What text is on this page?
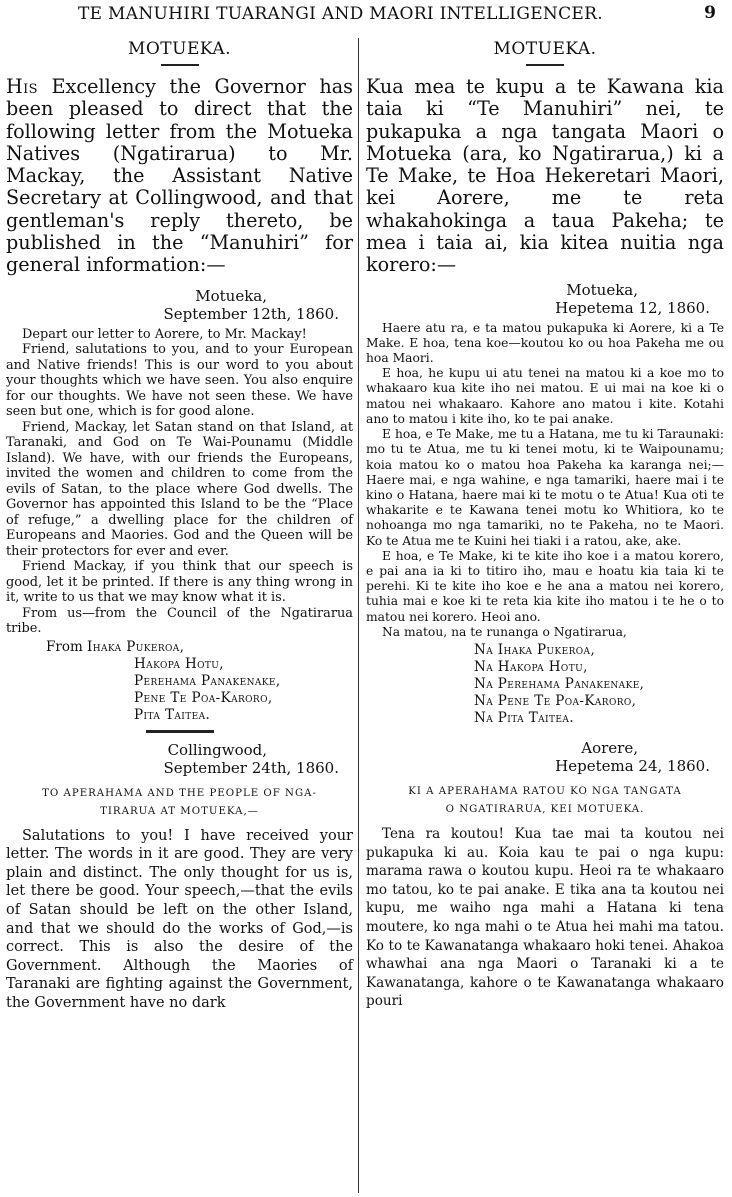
TE MANUHIRI TUARANGI AND MAORI INTELLIGENCER.	9

MOTUEKA.

His Excellency the Governor has been pleased to direct that the following letter from the Motueka Natives (Ngatirarua) to Mr. Mackay, the Assistant Native Secretary at Collingwood, and that gentleman's reply thereto, be published in the “Manuhiri” for general information:—

Motueka,
September 12th, 1860.

Depart our letter to Aorere, to Mr. Mackay!

Friend, salutations to you, and to your European and Native friends! This is our word to you about your thoughts which we have seen. You also enquire for our thoughts. We have not seen these. We have seen but one, which is for good alone.

Friend, Mackay, let Satan stand on that Island, at Taranaki, and God on Te Wai-Pounamu (Middle Island). We have, with our friends the Europeans, invited the women and children to come from the evils of Satan, to the place where God dwells. The Governor has appointed this Island to be the “Place of refuge,” a dwelling place for the children of Europeans and Maories. God and the Queen will be their protectors for ever and ever.

Friend Mackay, if you think that our speech is good, let it be printed. If there is any thing wrong in it, write to us that we may know what it is.

From us—from the Council of the Ngatirarua tribe.

From Ihaka Pukeroa,
Hakopa Hotu,
Perehama Panakenake,
Pene Te Poa-Karoro,
Pita Taitea.
Collingwood,
September 24th, 1860.

TO APERAHAMA AND THE PEOPLE OF NGA-

TIRARUA AT MOTUEKA,—

Salutations to you! I have received your letter. The words in it are good. They are very plain and distinct. The only thought for us is, let there be good. Your speech,—that the evils of Satan should be left on the other Island, and that we should do the works of God,—is correct. This is also the desire of the Government. Although the Maories of Taranaki are fighting against the Government, the Government have no dark

MOTUEKA.

Kua mea te kupu a te Kawana kia taia ki “Te Manuhiri” nei, te pukapuka a nga tangata Maori o Motueka (ara, ko Ngatirarua,) ki a Te Make, te Hoa Hekeretari Maori, kei Aorere, me te reta whakahokinga a taua Pakeha; te mea i taia ai, kia kitea nuitia nga korero:—

Motueka,
Hepetema 12, 1860.

Haere atu ra, e ta matou pukapuka ki Aorere, ki a Te Make. E hoa, tena koe—koutou ko ou hoa Pakeha me ou hoa Maori.

E hoa, he kupu ui atu tenei na matou ki a koe mo to whakaaro kua kite iho nei matou. E ui mai na koe ki o matou nei whakaaro. Kahore ano matou i kite. Kotahi ano to matou i kite iho, ko te pai anake.

E hoa, e Te Make, me tu a Hatana, me tu ki Taraunaki: mo tu te Atua, me tu ki tenei motu, ki te Waipounamu; koia matou ko o matou hoa Pakeha ka karanga nei;—Haere mai, e nga wahine, e nga tamariki, haere mai i te kino o Hatana, haere mai ki te motu o te Atua! Kua oti te whakarite e te Kawana tenei motu ko Whitiora, ko te nohoanga mo nga tamariki, no te Pakeha, no te Maori. Ko te Atua me te Kuini hei tiaki i a ratou, ake, ake.

E hoa, e Te Make, ki te kite iho koe i a matou korero, e pai ana ia ki to titiro iho, mau e hoatu kia taia ki te perehi. Ki te kite iho koe e he ana a matou nei korero, tuhia mai e koe ki te reta kia kite iho matou i te he o to matou nei korero. Heoi ano.

Na matou, na te runanga o Ngatirarua,

Na Ihaka Pukeroa,
Na Hakopa Hotu,
Na Perehama Panakenake,
Na Pene Te Poa-Karoro,
Na Pita Taitea.
Aorere,
Hepetema 24, 1860.

KI A APERAHAMA RATOU KO NGA TANGATA

O NGATIRARUA, KEI MOTUEKA.

Tena ra koutou! Kua tae mai ta koutou nei pukapuka ki au. Koia kau te pai o nga kupu: marama rawa o koutou kupu. Heoi ra te whakaaro mo tatou, ko te pai anake. E tika ana ta koutou nei kupu, me waiho nga mahi a Hatana ki tena moutere, ko nga mahi o te Atua hei mahi ma tatou. Ko to te Kawanatanga whakaaro hoki tenei. Ahakoa whawhai ana nga Maori o Taranaki ki a te Kawanatanga, kahore o te Kawanatanga whakaaro pouri
